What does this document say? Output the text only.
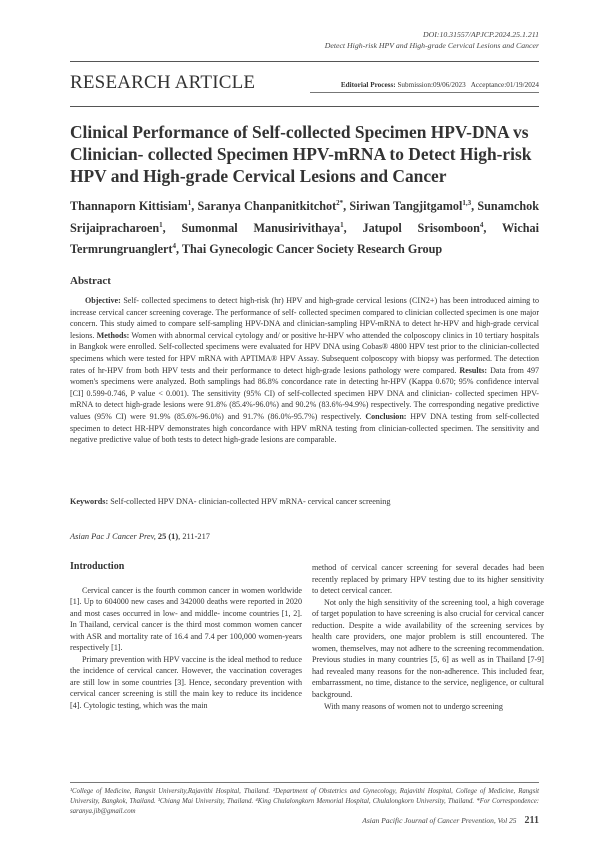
DOI:10.31557/APJCP.2024.25.1.211
Detect High-risk HPV and High-grade Cervical Lesions and Cancer
RESEARCH ARTICLE	Editorial Process: Submission:09/06/2023 Acceptance:01/19/2024
Clinical Performance of Self-collected Specimen HPV-DNA vs Clinician- collected Specimen HPV-mRNA to Detect High-risk HPV and High-grade Cervical Lesions and Cancer
Thannaporn Kittisiam$^1$, Saranya Chanpanitkitchot$^{2*}$, Siriwan Tangjitgamol$^{1,3}$, Sunamchok Srijaipracharoen$^1$, Sumonmal Manusirivithaya$^1$, Jatupol Srisomboon$^4$, Wichai Termrungruanglert$^4$, Thai Gynecologic Cancer Society Research Group
Abstract
Objective: Self- collected specimens to detect high-risk (hr) HPV and high-grade cervical lesions (CIN2+) has been introduced aiming to increase cervical cancer screening coverage. The performance of self- collected specimen compared to clinician collected specimen is one major concern. This study aimed to compare self-sampling HPV-DNA and clinician-sampling HPV-mRNA to detect hr-HPV and high-grade cervical lesions. Methods: Women with abnormal cervical cytology and/ or positive hr-HPV who attended the colposcopy clinics in 10 tertiary hospitals in Bangkok were enrolled. Self-collected specimens were evaluated for HPV DNA using Cobas® 4800 HPV test prior to the clinician-collected specimens which were tested for HPV mRNA with APTIMA® HPV Assay. Subsequent colposcopy with biopsy was performed. The detection rates of hr-HPV from both HPV tests and their performance to detect high-grade lesions pathology were compared. Results: Data from 497 women's specimens were analyzed. Both samplings had 86.8% concordance rate in detecting hr-HPV (Kappa 0.670; 95% confidence interval [CI] 0.599-0.746, P value < 0.001). The sensitivity (95% CI) of self-collected specimen HPV DNA and clinician- collected specimen HPV-mRNA to detect high-grade lesions were 91.8% (85.4%-96.0%) and 90.2% (83.6%-94.9%) respectively. The corresponding negative predictive values (95% CI) were 91.9% (85.6%-96.0%) and 91.7% (86.0%-95.7%) respectively. Conclusion: HPV DNA testing from self-collected specimen to detect HR-HPV demonstrates high concordance with HPV mRNA testing from clinician-collected specimen. The sensitivity and negative predictive value of both tests to detect high-grade lesions are comparable.
Keywords: Self-collected HPV DNA- clinician-collected HPV mRNA- cervical cancer screening
Asian Pac J Cancer Prev, 25 (1), 211-217
Introduction

Cervical cancer is the fourth common cancer in women worldwide [1]. Up to 604000 new cases and 342000 deaths were reported in 2020 and most cases occurred in low- and middle- income countries [1, 2]. In Thailand, cervical cancer is the third most common women cancer with ASR and mortality rate of 16.4 and 7.4 per 100,000 women-years respectively [1].

Primary prevention with HPV vaccine is the ideal method to reduce the incidence of cervical cancer. However, the vaccination coverages are still low in some countries [3]. Hence, secondary prevention with cervical cancer screening is still the main key to reduce its incidence [4]. Cytologic testing, which was the main

method of cervical cancer screening for several decades had been recently replaced by primary HPV testing due to its higher sensitivity to detect cervical cancer.

Not only the high sensitivity of the screening tool, a high coverage of target population to have screening is also crucial for cervical cancer reduction. Despite a wide availability of the screening services by health care providers, one major problem is still encountered. The women, themselves, may not adhere to the screening recommendation. Previous studies in many countries [5, 6] as well as in Thailand [7-9] had revealed many reasons for the non-adherence. This included fear, embarrassment, no time, distance to the service, negligence, or cultural background.

With many reasons of women not to undergo screening

¹College of Medicine, Rangsit University,Rajavithi Hospital, Thailand. ²Department of Obstetrics and Gynecology, Rajavithi Hospital, College of Medicine, Rangsit University, Bangkok, Thailand. ³Chiang Mai University, Thailand. ⁴King Chulalongkorn Memorial Hospital, Chulalongkorn University, Thailand. *For Correspondence: saranya.jib@gmail.com
Asian Pacific Journal of Cancer Prevention, Vol 25 211
